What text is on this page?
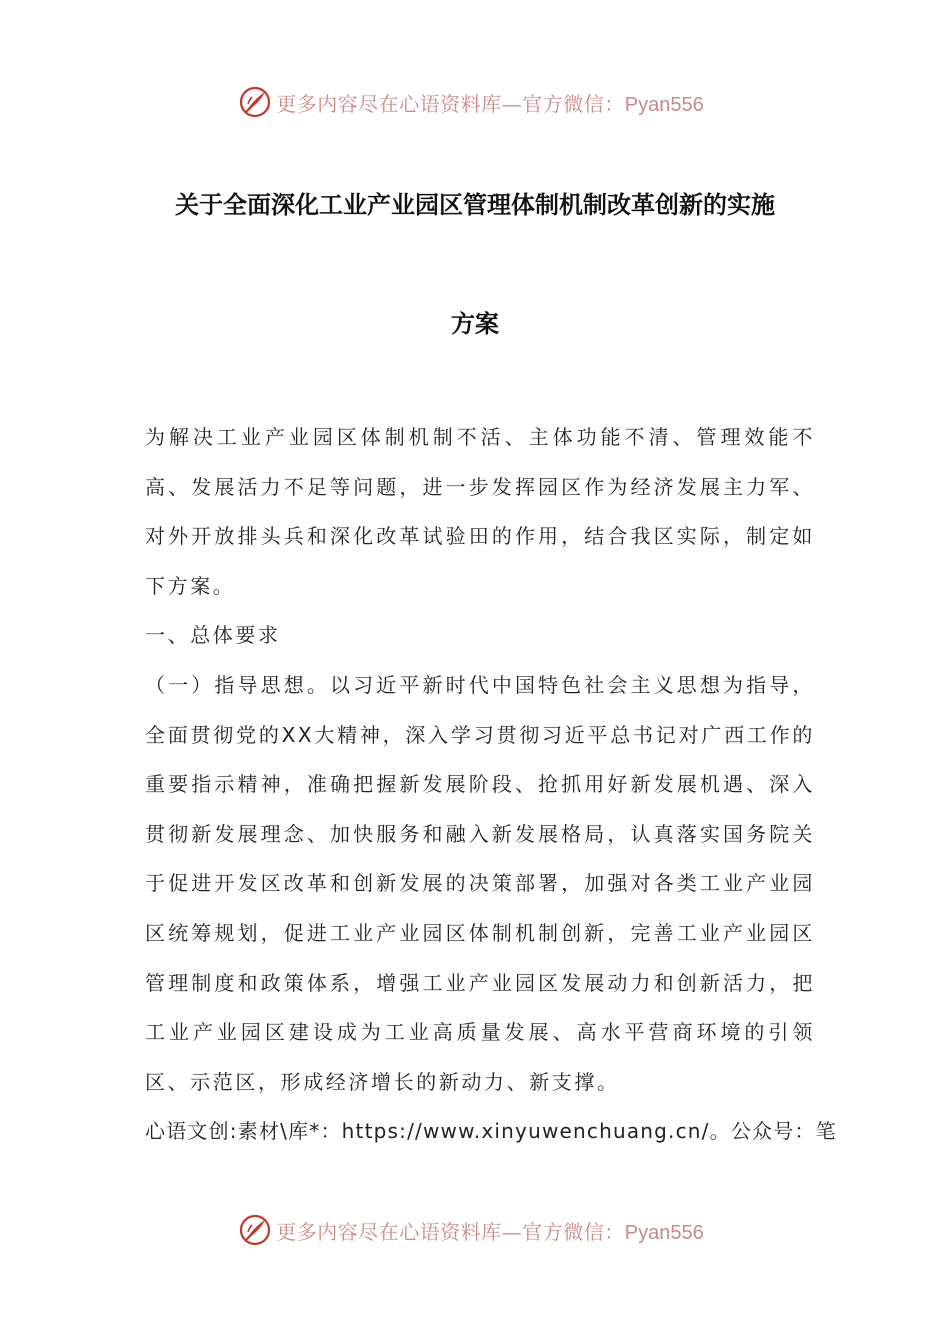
更多内容尽在心语资料库—官方微信：Pyan556
关于全面深化工业产业园区管理体制机制改革创新的实施
方案

为解决工业产业园区体制机制不活、主体功能不清、管理效能不高、发展活力不足等问题，进一步发挥园区作为经济发展主力军、对外开放排头兵和深化改革试验田的作用，结合我区实际，制定如下方案。

一、总体要求

（一）指导思想。以习近平新时代中国特色社会主义思想为指导，全面贯彻党的XX大精神，深入学习贯彻习近平总书记对广西工作的重要指示精神，准确把握新发展阶段、抢抓用好新发展机遇、深入贯彻新发展理念、加快服务和融入新发展格局，认真落实国务院关于促进开发区改革和创新发展的决策部署，加强对各类工业产业园区统筹规划，促进工业产业园区体制机制创新，完善工业产业园区管理制度和政策体系，增强工业产业园区发展动力和创新活力，把工业产业园区建设成为工业高质量发展、高水平营商环境的引领区、示范区，形成经济增长的新动力、新支撑。

心语文创:素材\库*：https://www.xinyuwenchuang.cn/。公众号：笔

更多内容尽在心语资料库—官方微信：Pyan556
